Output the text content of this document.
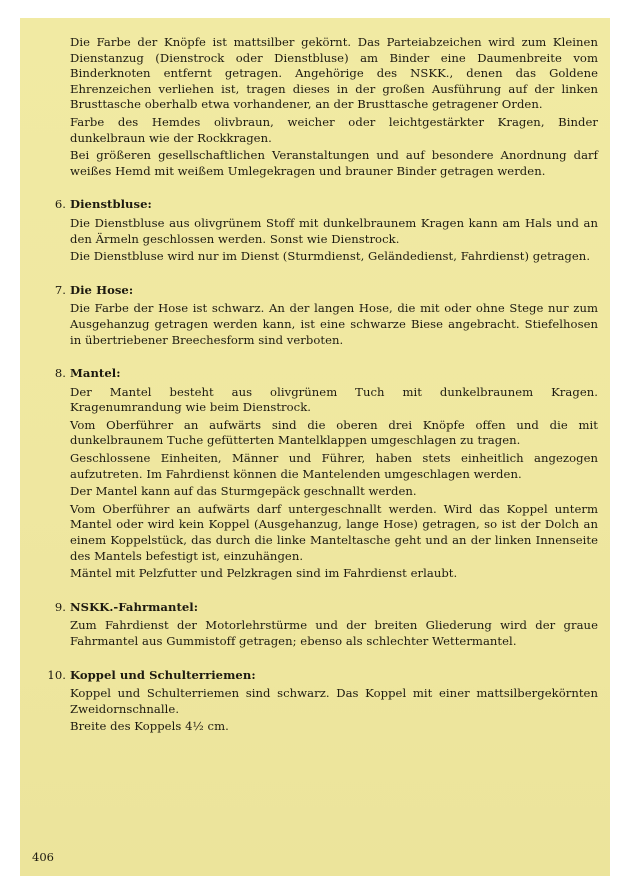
Die Farbe der Knöpfe ist mattsilber gekörnt. Das Parteiabzeichen wird zum Kleinen Dienstanzug (Dienstrock oder Dienstbluse) am Binder eine Daumenbreite vom Binderknoten entfernt getragen. Angehörige des NSKK., denen das Goldene Ehrenzeichen verliehen ist, tragen dieses in der großen Ausführung auf der linken Brusttasche oberhalb etwa vorhandener, an der Brusttasche getragener Orden.

Farbe des Hemdes olivbraun, weicher oder leichtgestärkter Kragen, Binder dunkelbraun wie der Rockkragen.

Bei größeren gesellschaftlichen Veranstaltungen und auf besondere Anordnung darf weißes Hemd mit weißem Umlegekragen und brauner Binder getragen werden.

6. Dienstbluse:

Die Dienstbluse aus olivgrünem Stoff mit dunkelbraunem Kragen kann am Hals und an den Ärmeln geschlossen werden. Sonst wie Dienstrock.

Die Dienstbluse wird nur im Dienst (Sturmdienst, Geländedienst, Fahrdienst) getragen.

7. Die Hose:

Die Farbe der Hose ist schwarz. An der langen Hose, die mit oder ohne Stege nur zum Ausgehanzug getragen werden kann, ist eine schwarze Biese angebracht. Stiefelhosen in übertriebener Breechesform sind verboten.

8. Mantel:

Der Mantel besteht aus olivgrünem Tuch mit dunkelbraunem Kragen. Kragenumrandung wie beim Dienstrock.

Vom Oberführer an aufwärts sind die oberen drei Knöpfe offen und die mit dunkelbraunem Tuche gefütterten Mantelklappen umgeschlagen zu tragen.

Geschlossene Einheiten, Männer und Führer, haben stets einheitlich angezogen aufzutreten. Im Fahrdienst können die Mantelenden umgeschlagen werden.

Der Mantel kann auf das Sturmgepäck geschnallt werden.

Vom Oberführer an aufwärts darf untergeschnallt werden. Wird das Koppel unterm Mantel oder wird kein Koppel (Ausgehanzug, lange Hose) getragen, so ist der Dolch an einem Koppelstück, das durch die linke Manteltasche geht und an der linken Innenseite des Mantels befestigt ist, einzuhängen.

Mäntel mit Pelzfutter und Pelzkragen sind im Fahrdienst erlaubt.

9. NSKK.-Fahrmantel:

Zum Fahrdienst der Motorlehrstürme und der breiten Gliederung wird der graue Fahrmantel aus Gummistoff getragen; ebenso als schlechter Wettermantel.

10. Koppel und Schulterriemen:

Koppel und Schulterriemen sind schwarz. Das Koppel mit einer mattsilbergekörnten Zweidornschnalle.

Breite des Koppels 4½ cm.

406
